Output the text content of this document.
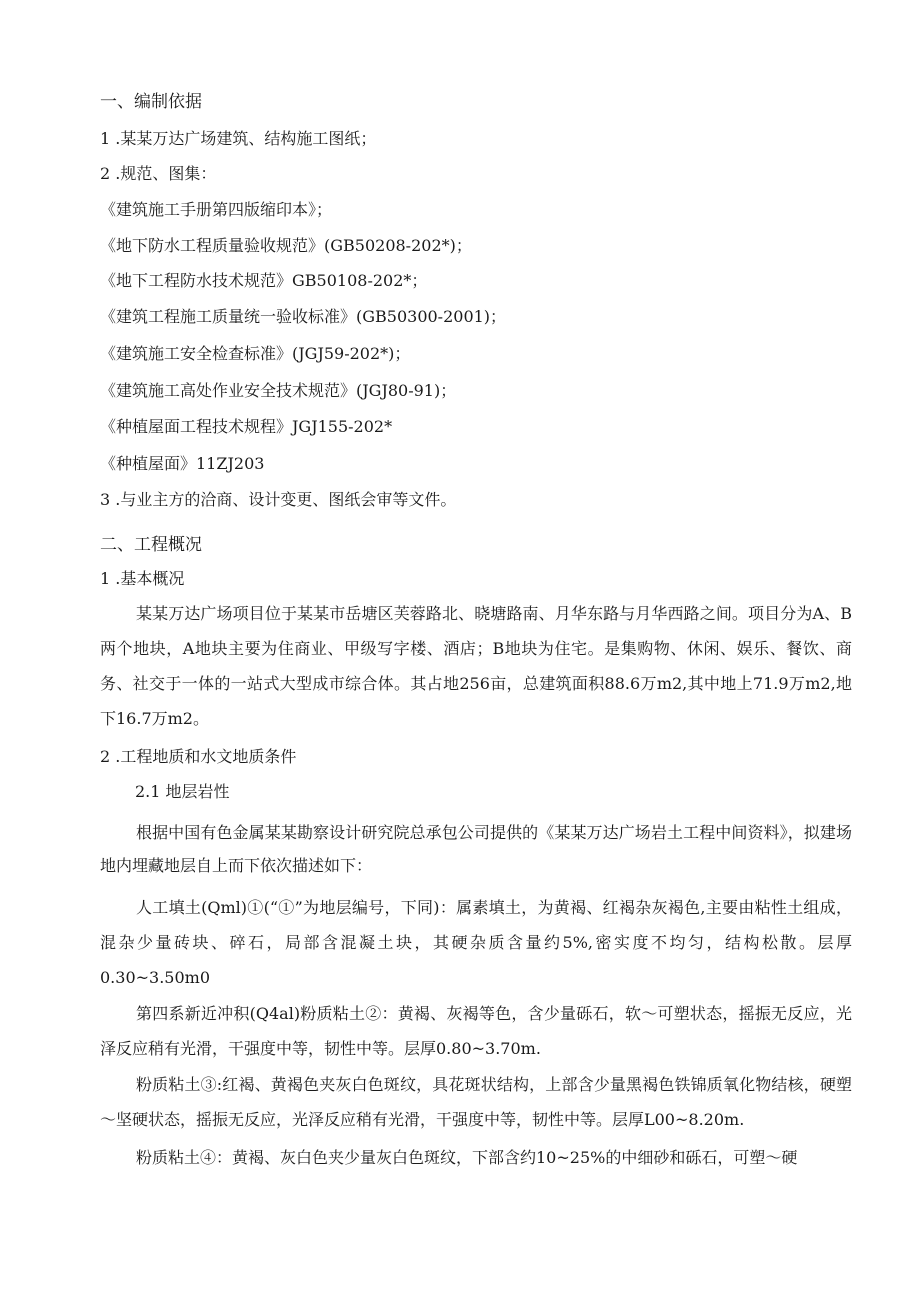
一、编制依据
1 .某某万达广场建筑、结构施工图纸；
2 .规范、图集：
《建筑施工手册第四版缩印本》；
《地下防水工程质量验收规范》(GB50208-202*)；
《地下工程防水技术规范》GB50108-202*；
《建筑工程施工质量统一验收标准》(GB50300-2001)；
《建筑施工安全检查标准》(JGJ59-202*)；
《建筑施工高处作业安全技术规范》(JGJ80-91)；
《种植屋面工程技术规程》JGJ155-202*
《种植屋面》11ZJ203
3 .与业主方的洽商、设计变更、图纸会审等文件。
二、工程概况
1 .基本概况

某某万达广场项目位于某某市岳塘区芙蓉路北、晓塘路南、月华东路与月华西路之间。项目分为A、B两个地块，A地块主要为住商业、甲级写字楼、酒店；B地块为住宅。是集购物、休闲、娱乐、餐饮、商务、社交于一体的一站式大型成市综合体。其占地256亩，总建筑面积88.6万m2,其中地上71.9万m2,地下16.7万m2。

2 .工程地质和水文地质条件
2.1 地层岩性

根据中国有色金属某某勘察设计研究院总承包公司提供的《某某万达广场岩土工程中间资料》，拟建场地内埋藏地层自上而下依次描述如下：

人工填土(Qml)①(“①”为地层编号，下同)：属素填土，为黄褐、红褐杂灰褐色,主要由粘性土组成，混杂少量砖块、碎石，局部含混凝土块，其硬杂质含量约5%,密实度不均匀，结构松散。层厚0.30~3.50m0

第四系新近冲积(Q4al)粉质粘土②：黄褐、灰褐等色，含少量砾石，软～可塑状态，摇振无反应，光泽反应稍有光滑，干强度中等，韧性中等。层厚0.80~3.70m.

粉质粘土③:红褐、黄褐色夹灰白色斑纹，具花斑状结构，上部含少量黑褐色铁锦质氧化物结核，硬塑～坚硬状态，摇振无反应，光泽反应稍有光滑，干强度中等，韧性中等。层厚L00~8.20m.

粉质粘土④：黄褐、灰白色夹少量灰白色斑纹，下部含约10~25%的中细砂和砾石，可塑～硬
